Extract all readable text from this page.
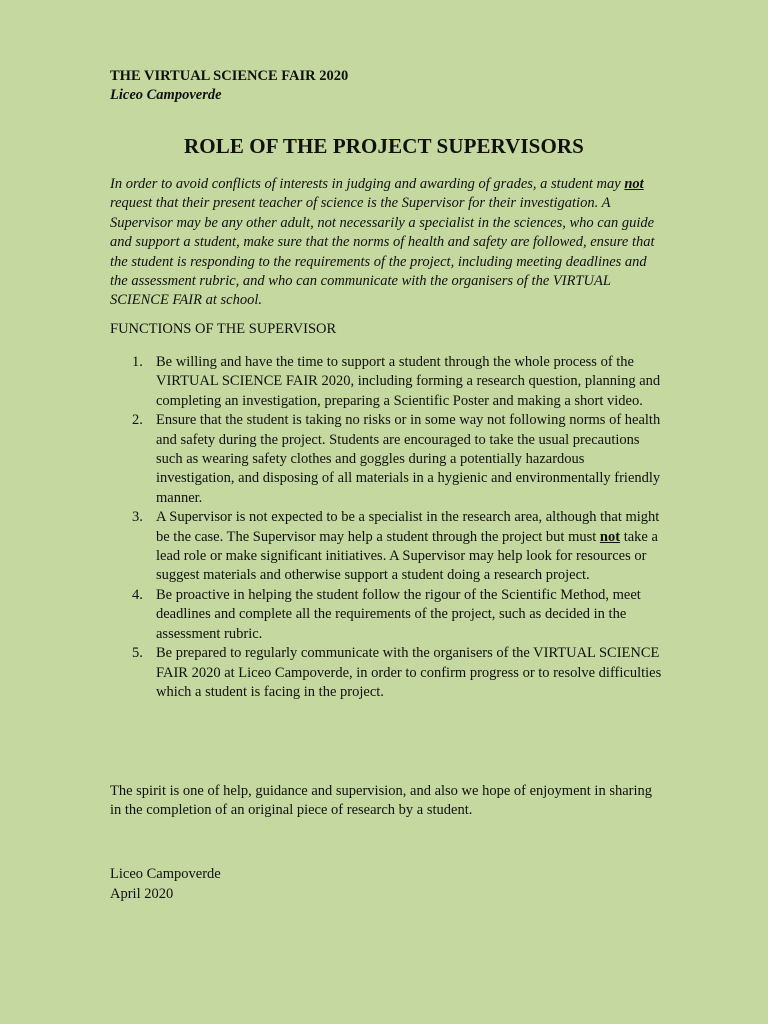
THE VIRTUAL SCIENCE FAIR 2020
Liceo Campoverde
ROLE OF THE PROJECT SUPERVISORS
In order to avoid conflicts of interests in judging and awarding of grades, a student may not request that their present teacher of science is the Supervisor for their investigation. A Supervisor may be any other adult, not necessarily a specialist in the sciences, who can guide and support a student, make sure that the norms of health and safety are followed, ensure that the student is responding to the requirements of the project, including meeting deadlines and the assessment rubric, and who can communicate with the organisers of the VIRTUAL SCIENCE FAIR at school.
FUNCTIONS OF THE SUPERVISOR
1. Be willing and have the time to support a student through the whole process of the VIRTUAL SCIENCE FAIR 2020, including forming a research question, planning and completing an investigation, preparing a Scientific Poster and making a short video.
2. Ensure that the student is taking no risks or in some way not following norms of health and safety during the project. Students are encouraged to take the usual precautions such as wearing safety clothes and goggles during a potentially hazardous investigation, and disposing of all materials in a hygienic and environmentally friendly manner.
3. A Supervisor is not expected to be a specialist in the research area, although that might be the case. The Supervisor may help a student through the project but must not take a lead role or make significant initiatives. A Supervisor may help look for resources or suggest materials and otherwise support a student doing a research project.
4. Be proactive in helping the student follow the rigour of the Scientific Method, meet deadlines and complete all the requirements of the project, such as decided in the assessment rubric.
5. Be prepared to regularly communicate with the organisers of the VIRTUAL SCIENCE FAIR 2020 at Liceo Campoverde, in order to confirm progress or to resolve difficulties which a student is facing in the project.
The spirit is one of help, guidance and supervision, and also we hope of enjoyment in sharing in the completion of an original piece of research by a student.
Liceo Campoverde
April 2020
